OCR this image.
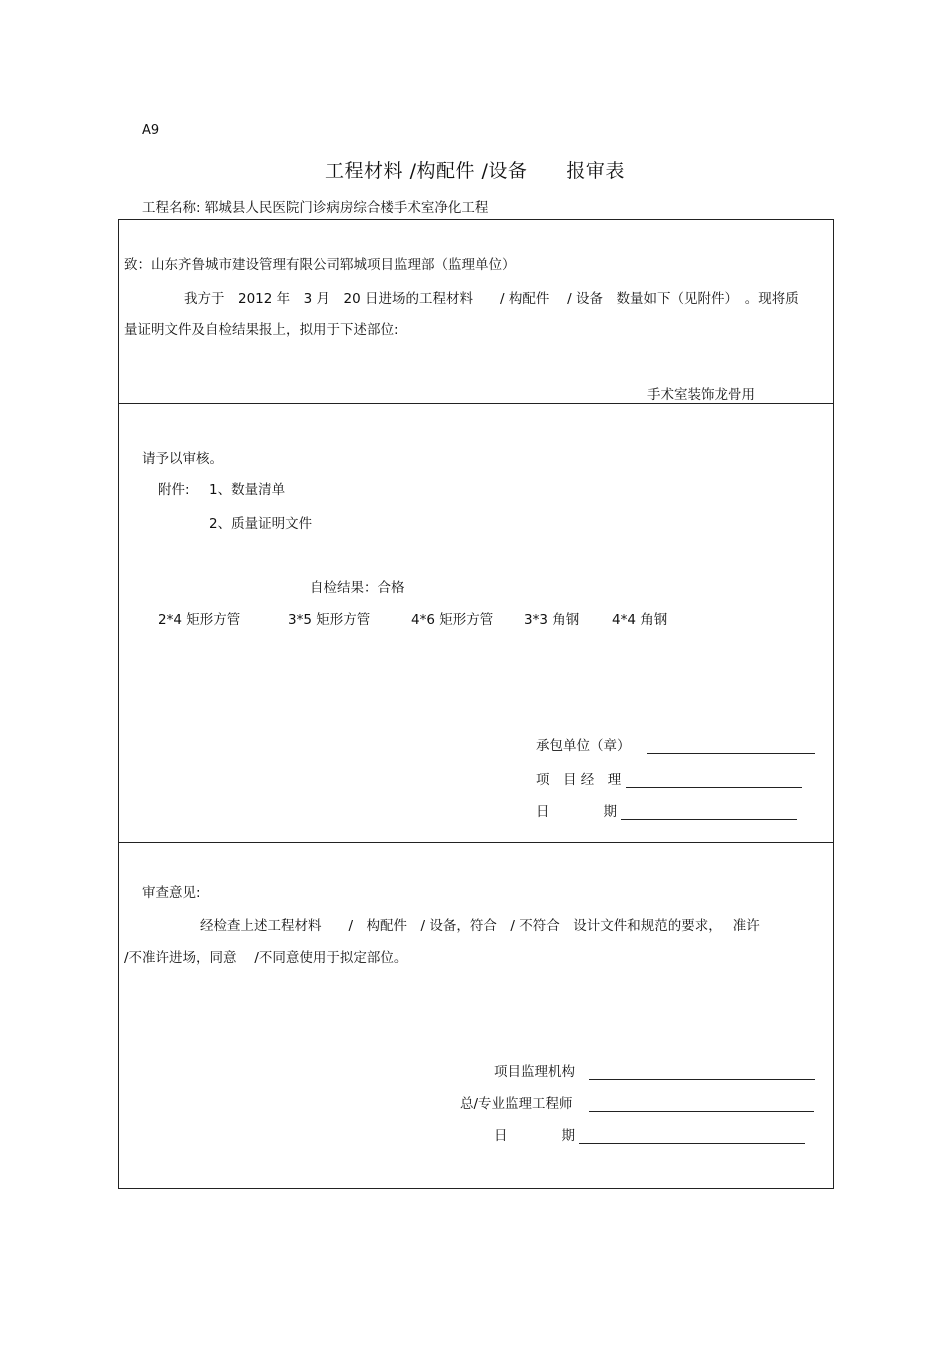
A9
工程材料 /构配件 /设备　　报审表
工程名称: 郓城县人民医院门诊病房综合楼手术室净化工程
致：山东齐鲁城市建设管理有限公司郓城项目监理部（监理单位）
我方于　2012 年　3 月　20 日进场的工程材料　　/ 构配件　 / 设备　数量如下（见附件）　。现将质
量证明文件及自检结果报上，拟用于下述部位:
手术室装饰龙骨用
请予以审核。
附件: 1、数量清单
2、质量证明文件
自检结果：合格
2*4 矩形方管	3*5 矩形方管	4*6 矩形方管 3*3 角钢 4*4 角钢
承包单位（章）
项　目 经　理
日　　　　期
审查意见:
经检查上述工程材料　　/　构配件　/ 设备，符合　/ 不符合　设计文件和规范的要求，　 准许
/不准许进场，同意　 /不同意使用于拟定部位。
项目监理机构
总/专业监理工程师
日　　　　期
